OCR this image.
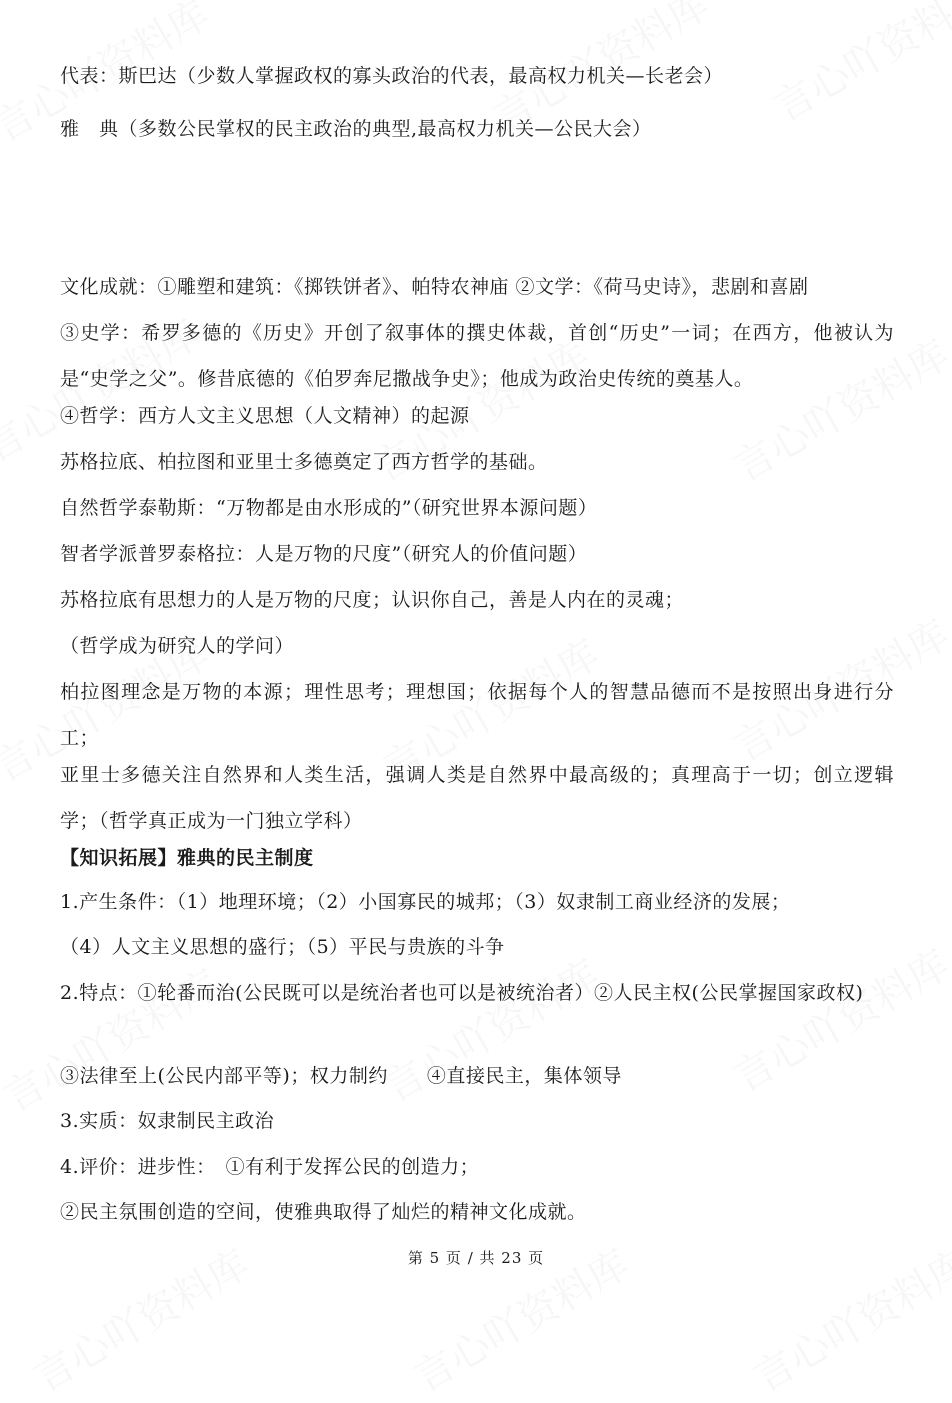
代表：斯巴达（少数人掌握政权的寡头政治的代表，最高权力机关—长老会）
雅　典（多数公民掌权的民主政治的典型,最高权力机关—公民大会）
文化成就：①雕塑和建筑：《掷铁饼者》、帕特农神庙 ②文学：《荷马史诗》，悲剧和喜剧
③史学：希罗多德的《历史》开创了叙事体的撰史体裁，首创“历史”一词；在西方，他被认为是“史学之父”。修昔底德的《伯罗奔尼撒战争史》；他成为政治史传统的奠基人。
④哲学：西方人文主义思想（人文精神）的起源
苏格拉底、柏拉图和亚里士多德奠定了西方哲学的基础。
自然哲学泰勒斯：“万物都是由水形成的”（研究世界本源问题）
智者学派普罗泰格拉：人是万物的尺度”（研究人的价值问题）
苏格拉底有思想力的人是万物的尺度；认识你自己，善是人内在的灵魂；
（哲学成为研究人的学问）
柏拉图理念是万物的本源；理性思考；理想国；依据每个人的智慧品德而不是按照出身进行分工；
亚里士多德关注自然界和人类生活，强调人类是自然界中最高级的；真理高于一切；创立逻辑学；（哲学真正成为一门独立学科）
【知识拓展】雅典的民主制度
1.产生条件：（1）地理环境；（2）小国寡民的城邦；（3）奴隶制工商业经济的发展；
（4）人文主义思想的盛行；（5）平民与贵族的斗争
2.特点：①轮番而治(公民既可以是统治者也可以是被统治者）②人民主权(公民掌握国家政权)
③法律至上(公民内部平等)；权力制约　　④直接民主，集体领导
3.实质：奴隶制民主政治
4.评价：进步性：　①有利于发挥公民的创造力；
②民主氛围创造的空间，使雅典取得了灿烂的精神文化成就。
第 5 页 / 共 23 页
